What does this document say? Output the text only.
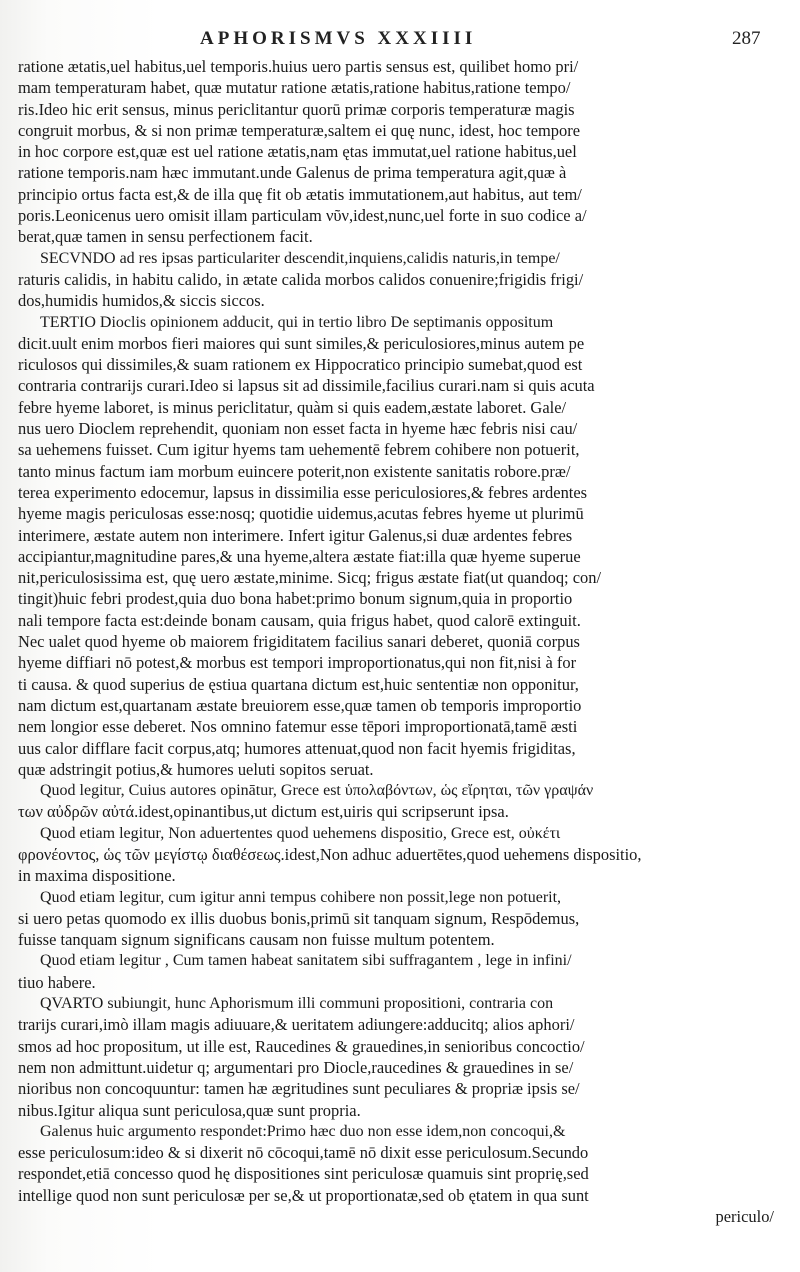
APHORISMVS XXXIIII	287
ratione ætatis,uel habitus,uel temporis.huius uero partis sensus est, quilibet homo pri/
mam temperaturam habet, quæ mutatur ratione ætatis,ratione habitus,ratione tempo/
ris.Ideo hic erit sensus, minus periclitantur quorū primæ corporis temperaturæ magis
congruit morbus, & si non primæ temperaturæ,saltem ei quę nunc, idest, hoc tempore
in hoc corpore est,quæ est uel ratione ætatis,nam ętas immutat,uel ratione habitus,uel
ratione temporis.nam hæc immutant.unde Galenus de prima temperatura agit,quæ à
principio ortus facta est,& de illa quę fit ob ætatis immutationem,aut habitus, aut tem/
poris.Leonicenus uero omisit illam particulam νῦν,idest,nunc,uel forte in suo codice a/
berat,quæ tamen in sensu perfectionem facit.
SECVNDO ad res ipsas particulariter descendit,inquiens,calidis naturis,in tempe/
raturis calidis, in habitu calido, in ætate calida morbos calidos conuenire;frigidis frigi/
dos,humidis humidos,& siccis siccos.
TERTIO Dioclis opinionem adducit, qui in tertio libro De septimanis oppositum
dicit.uult enim morbos fieri maiores qui sunt similes,& periculosiores,minus autem pe
riculosos qui dissimiles,& suam rationem ex Hippocratico principio sumebat,quod est
contraria contrarijs curari.Ideo si lapsus sit ad dissimile,facilius curari.nam si quis acuta
febre hyeme laboret, is minus periclitatur, quàm si quis eadem,æstate laboret. Gale/
nus uero Dioclem reprehendit, quoniam non esset facta in hyeme hæc febris nisi cau/
sa uehemens fuisset. Cum igitur hyems tam uehementē febrem cohibere non potuerit,
tanto minus factum iam morbum euincere poterit,non existente sanitatis robore.præ/
terea experimento edocemur, lapsus in dissimilia esse periculosiores,& febres ardentes
hyeme magis periculosas esse:nosq; quotidie uidemus,acutas febres hyeme ut plurimū
interimere, æstate autem non interimere. Infert igitur Galenus,si duæ ardentes febres
accipiantur,magnitudine pares,& una hyeme,altera æstate fiat:illa quæ hyeme superue
nit,periculosissima est, quę uero æstate,minime. Sicq; frigus æstate fiat(ut quandoq; con/
tingit)huic febri prodest,quia duo bona habet:primo bonum signum,quia in proportio
nali tempore facta est:deinde bonam causam, quia frigus habet, quod calorē extinguit.
Nec ualet quod hyeme ob maiorem frigiditatem facilius sanari deberet, quoniā corpus
hyeme diffiari nō potest,& morbus est tempori improportionatus,qui non fit,nisi à for
ti causa. & quod superius de ęstiua quartana dictum est,huic sententiæ non opponitur,
nam dictum est,quartanam æstate breuiorem esse,quæ tamen ob temporis improportio
nem longior esse deberet. Nos omnino fatemur esse tēpori improportionatā,tamē æsti
uus calor difflare facit corpus,atq; humores attenuat,quod non facit hyemis frigiditas,
quæ adstringit potius,& humores ueluti sopitos seruat.
Quod legitur, Cuius autores opinātur, Grece est ὑπολαβόντων, ὡς εἴρηται, τῶν γραψάν
των αὐδρῶν αὐτά.idest,opinantibus,ut dictum est,uiris qui scripserunt ipsa.
Quod etiam legitur, Non aduertentes quod uehemens dispositio, Grece est, οὐκέτι
φρονέοντος, ὡς τῶν μεγίστῳ διαθέσεως.idest,Non adhuc aduertētes,quod uehemens dispositio,
in maxima dispositione.
Quod etiam legitur, cum igitur anni tempus cohibere non possit,lege non potuerit,
si uero petas quomodo ex illis duobus bonis,primū sit tanquam signum, Respōdemus,
fuisse tanquam signum significans causam non fuisse multum potentem.
Quod etiam legitur , Cum tamen habeat sanitatem sibi suffragantem , lege in infini/
tiuo habere.
QVARTO subiungit, hunc Aphorismum illi communi propositioni, contraria con
trarijs curari,imò illam magis adiuuare,& ueritatem adiungere:adducitq; alios aphori/
smos ad hoc propositum, ut ille est, Raucedines & grauedines,in senioribus concoctio/
nem non admittunt.uidetur q; argumentari pro Diocle,raucedines & grauedines in se/
nioribus non concoquuntur: tamen hæ ægritudines sunt peculiares & propriæ ipsis se/
nibus.Igitur aliqua sunt periculosa,quæ sunt propria.
Galenus huic argumento respondet:Primo hæc duo non esse idem,non concoqui,&
esse periculosum:ideo & si dixerit nō cōcoqui,tamē nō dixit esse periculosum.Secundo
respondet,etiā concesso quod hę dispositiones sint periculosæ quamuis sint proprię,sed
intellige quod non sunt periculosæ per se,& ut proportionatæ,sed ob ętatem in qua sunt
periculo/
